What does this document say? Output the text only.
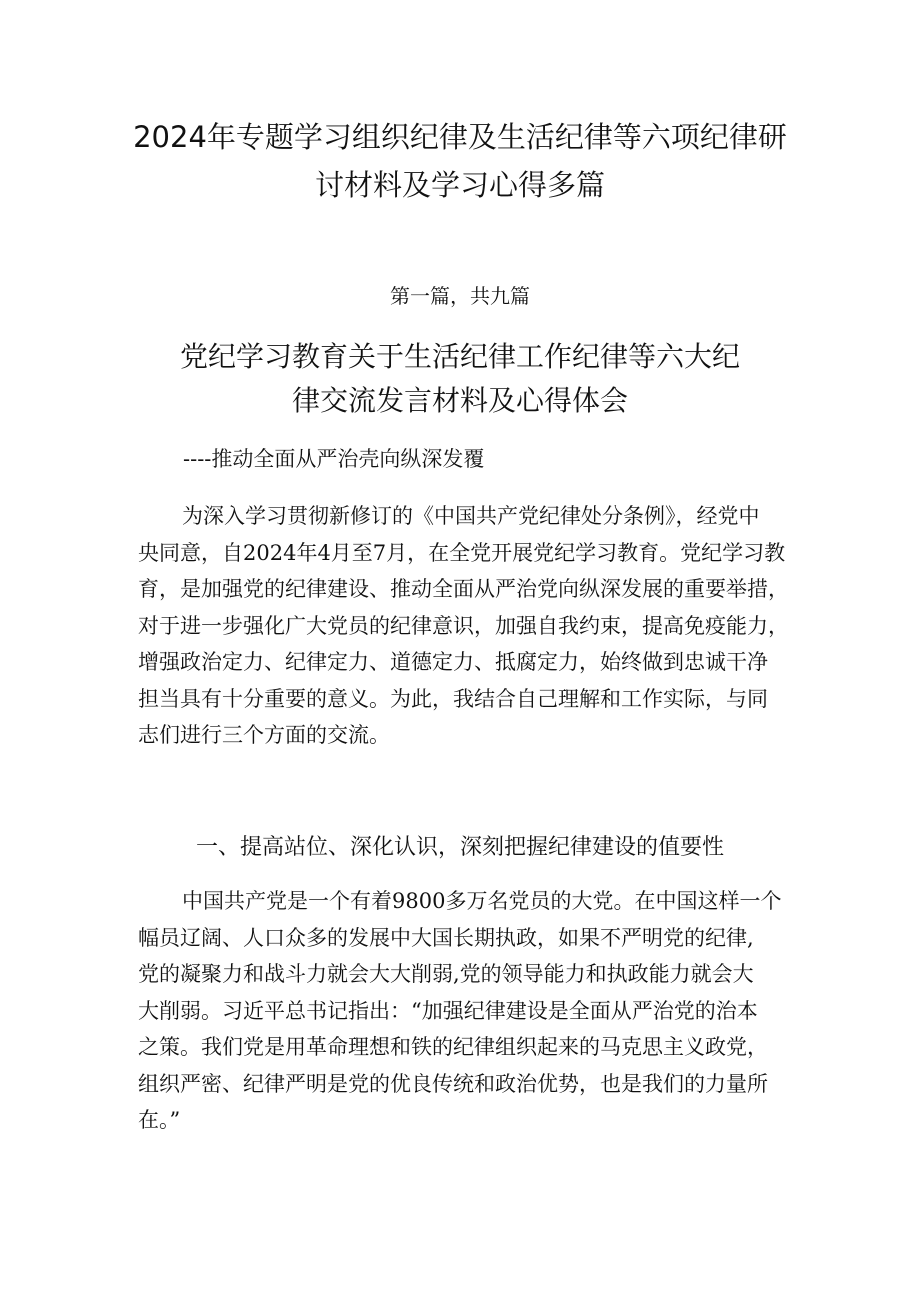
2024年专题学习组织纪律及生活纪律等六项纪律研
讨材料及学习心得多篇

第一篇，共九篇

党纪学习教育关于生活纪律工作纪律等六大纪
律交流发言材料及心得体会

----推动全面从严治壳向纵深发覆

为深入学习贯彻新修订的《中国共产党纪律处分条例》，经党中
央同意，自2024年4月至7月，在全党开展党纪学习教育。党纪学习教
育，是加强党的纪律建设、推动全面从严治党向纵深发展的重要举措，
对于进一步强化广大党员的纪律意识，加强自我约束，提高免疫能力，
增强政治定力、纪律定力、道德定力、抵腐定力，始终做到忠诚干净
担当具有十分重要的意义。为此，我结合自己理解和工作实际，与同
志们进行三个方面的交流。
一、提高站位、深化认识，深刻把握纪律建设的值要性
中国共产党是一个有着9800多万名党员的大党。在中国这样一个
幅员辽阔、人口众多的发展中大国长期执政，如果不严明党的纪律,
党的凝聚力和战斗力就会大大削弱,党的领导能力和执政能力就会大
大削弱。习近平总书记指出：“加强纪律建设是全面从严治党的治本
之策。我们党是用革命理想和铁的纪律组织起来的马克思主义政党，
组织严密、纪律严明是党的优良传统和政治优势，也是我们的力量所
在。”
